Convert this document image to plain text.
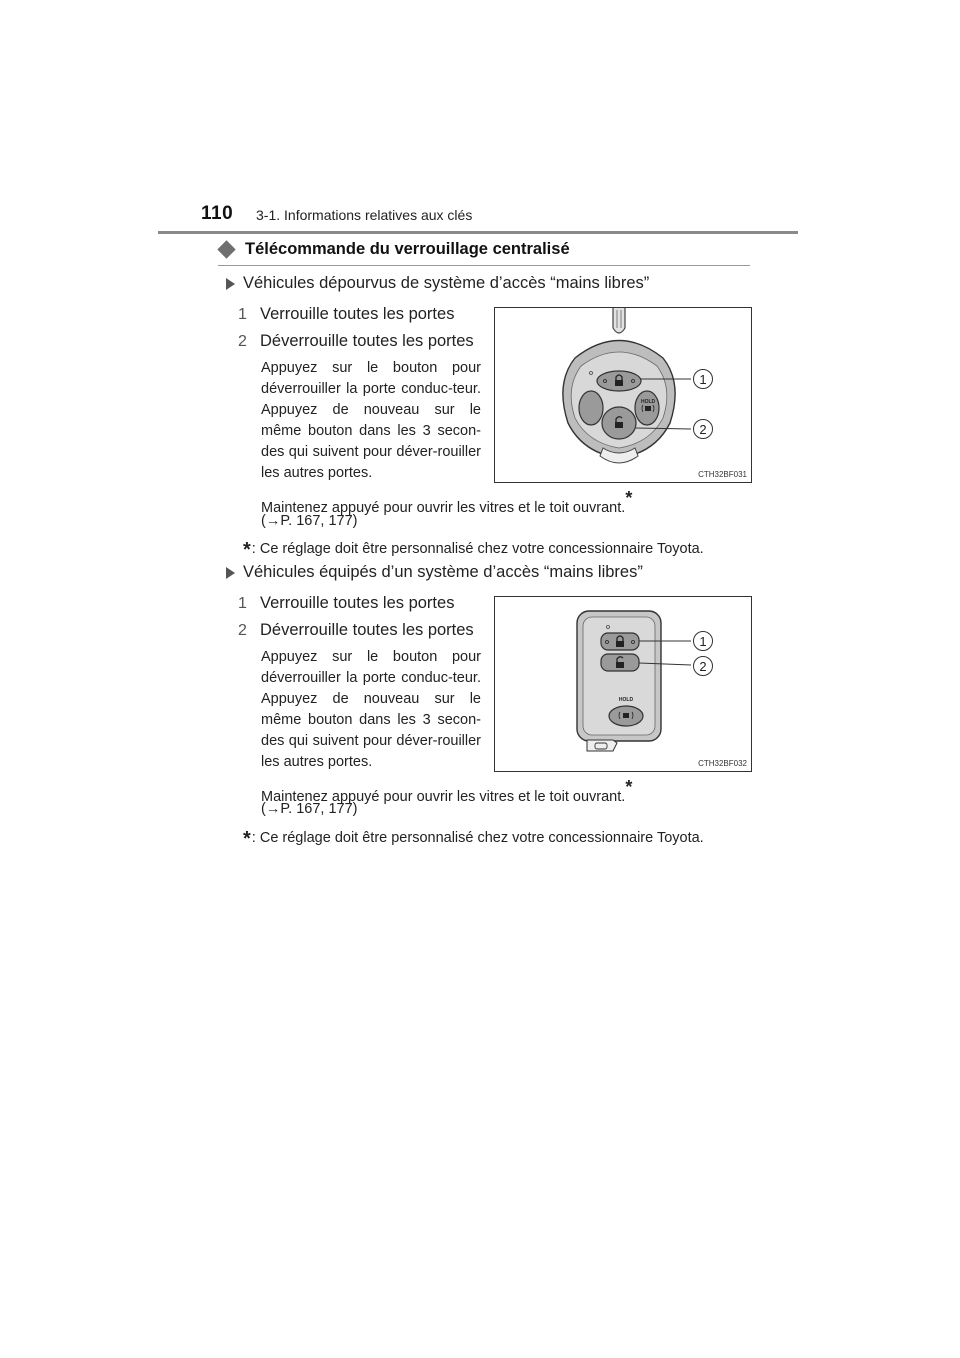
110 3-1. Informations relatives aux clés
Télécommande du verrouillage centralisé
Véhicules dépourvus de système d’accès “mains libres”
1 Verrouille toutes les portes
2 Déverrouille toutes les portes
Appuyez sur le bouton pour déverrouiller la porte conduc-teur. Appuyez de nouveau sur le même bouton dans les 3 secon-des qui suivent pour déver-rouiller les autres portes.
Maintenez appuyé pour ouvrir les vitres et le toit ouvrant.*
(→P. 167, 177)
*: Ce réglage doit être personnalisé chez votre concessionnaire Toyota.
HOLD
1
2
CTH32BF031
Véhicules équipés d’un système d’accès “mains libres”
1 Verrouille toutes les portes
2 Déverrouille toutes les portes
Appuyez sur le bouton pour déverrouiller la porte conduc-teur. Appuyez de nouveau sur le même bouton dans les 3 secon-des qui suivent pour déver-rouiller les autres portes.
Maintenez appuyé pour ouvrir les vitres et le toit ouvrant.*
(→P. 167, 177)
*: Ce réglage doit être personnalisé chez votre concessionnaire Toyota.
HOLD
1
2
CTH32BF032
